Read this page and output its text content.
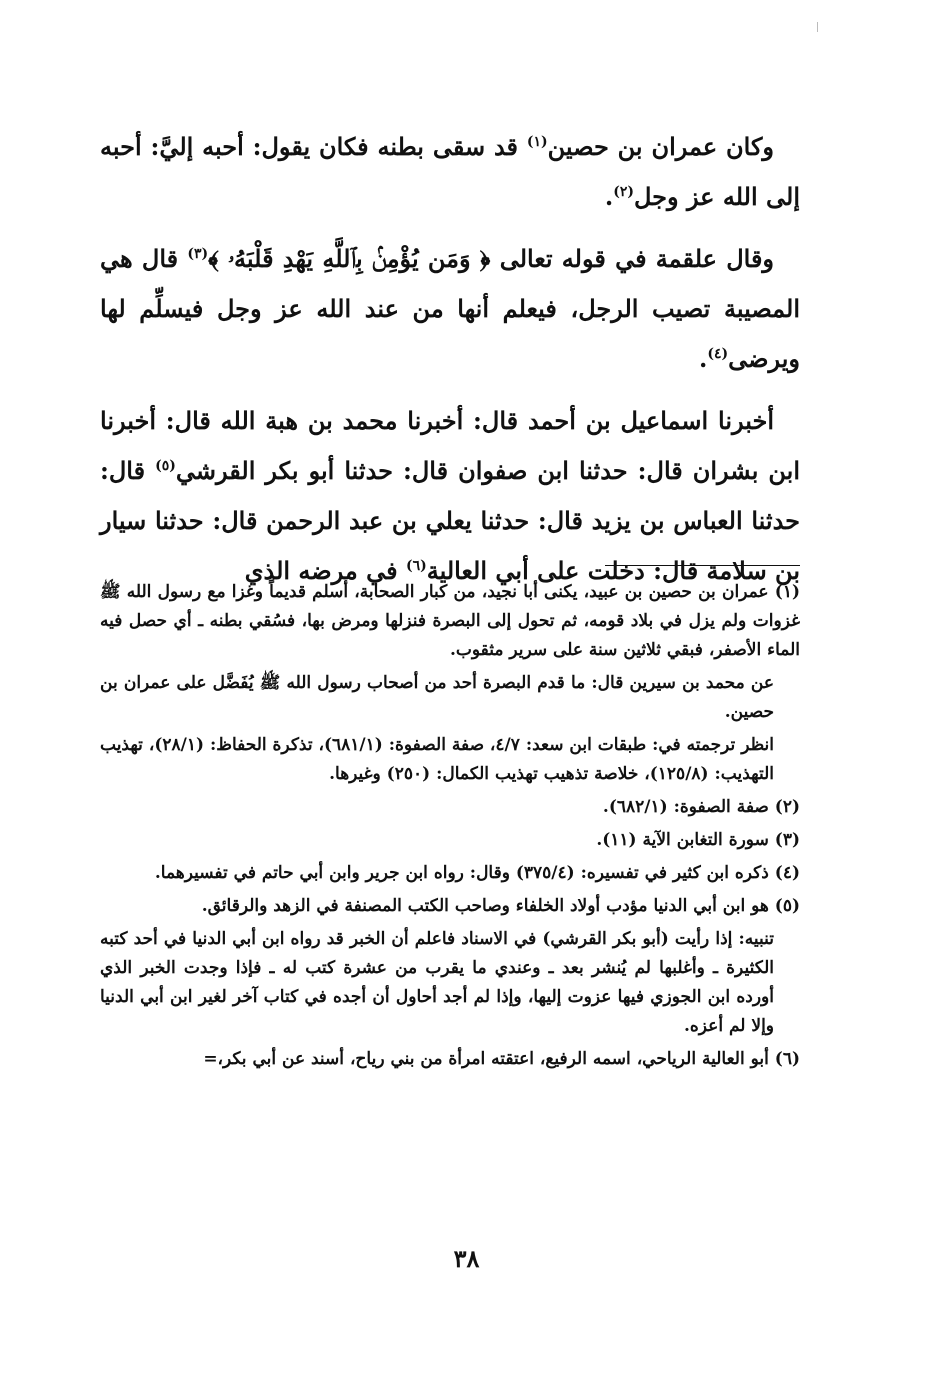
وكان عمران بن حصين$^{(١)}$ قد سقى بطنه فكان يقول: أحبه إليَّ: أحبه إلى الله عز وجل$^{(٢)}$.

وقال علقمة في قوله تعالى ﴿ وَمَن يُؤْمِنۢ بِٱللَّهِ يَهْدِ قَلْبَهُۥ ﴾$^{(٣)}$ قال هي المصيبة تصيب الرجل، فيعلم أنها من عند الله عز وجل فيسلِّم لها ويرضى$^{(٤)}$.

أخبرنا اسماعيل بن أحمد قال: أخبرنا محمد بن هبة الله قال: أخبرنا ابن بشران قال: حدثنا ابن صفوان قال: حدثنا أبو بكر القرشي$^{(٥)}$ قال: حدثنا العباس بن يزيد قال: حدثنا يعلي بن عبد الرحمن قال: حدثنا سيار بن سلامة قال: دخلت على أبي العالية$^{(٦)}$ في مرضه الذي

(١) عمران بن حصين بن عبيد، يكنى أبا نجيد، من كبار الصحابة، أسلم قديماً وغزا مع رسول الله ﷺ غزوات ولم يزل في بلاد قومه، ثم تحول إلى البصرة فنزلها ومرض بها، فسُقي بطنه ـ أي حصل فيه الماء الأصفر، فبقي ثلاثين سنة على سرير مثقوب.

عن محمد بن سيرين قال: ما قدم البصرة أحد من أصحاب رسول الله ﷺ يُفَضَّل على عمران بن حصين.

انظر ترجمته في: طبقات ابن سعد: ٤/٧، صفة الصفوة: (٦٨١/١)، تذكرة الحفاظ: (٢٨/١)، تهذيب التهذيب: (١٢٥/٨)، خلاصة تذهيب تهذيب الكمال: (٢٥٠) وغيرها.

(٢) صفة الصفوة: (٦٨٢/١).

(٣) سورة التغابن الآية (١١).

(٤) ذكره ابن كثير في تفسيره: (٣٧٥/٤) وقال: رواه ابن جرير وابن أبي حاتم في تفسيرهما.

(٥) هو ابن أبي الدنيا مؤدب أولاد الخلفاء وصاحب الكتب المصنفة في الزهد والرقائق.

تنبيه: إذا رأيت (أبو بكر القرشي) في الاسناد فاعلم أن الخبر قد رواه ابن أبي الدنيا في أحد كتبه الكثيرة ـ وأغلبها لم يُنشر بعد ـ وعندي ما يقرب من عشرة كتب له ـ فإذا وجدت الخبر الذي أورده ابن الجوزي فيها عزوت إليها، وإذا لم أجد أحاول أن أجده في كتاب آخر لغير ابن أبي الدنيا وإلا لم أعزه.

(٦) أبو العالية الرياحي، اسمه الرفيع، اعتقته امرأة من بني رياح، أسند عن أبي بكر،=

٣٨
